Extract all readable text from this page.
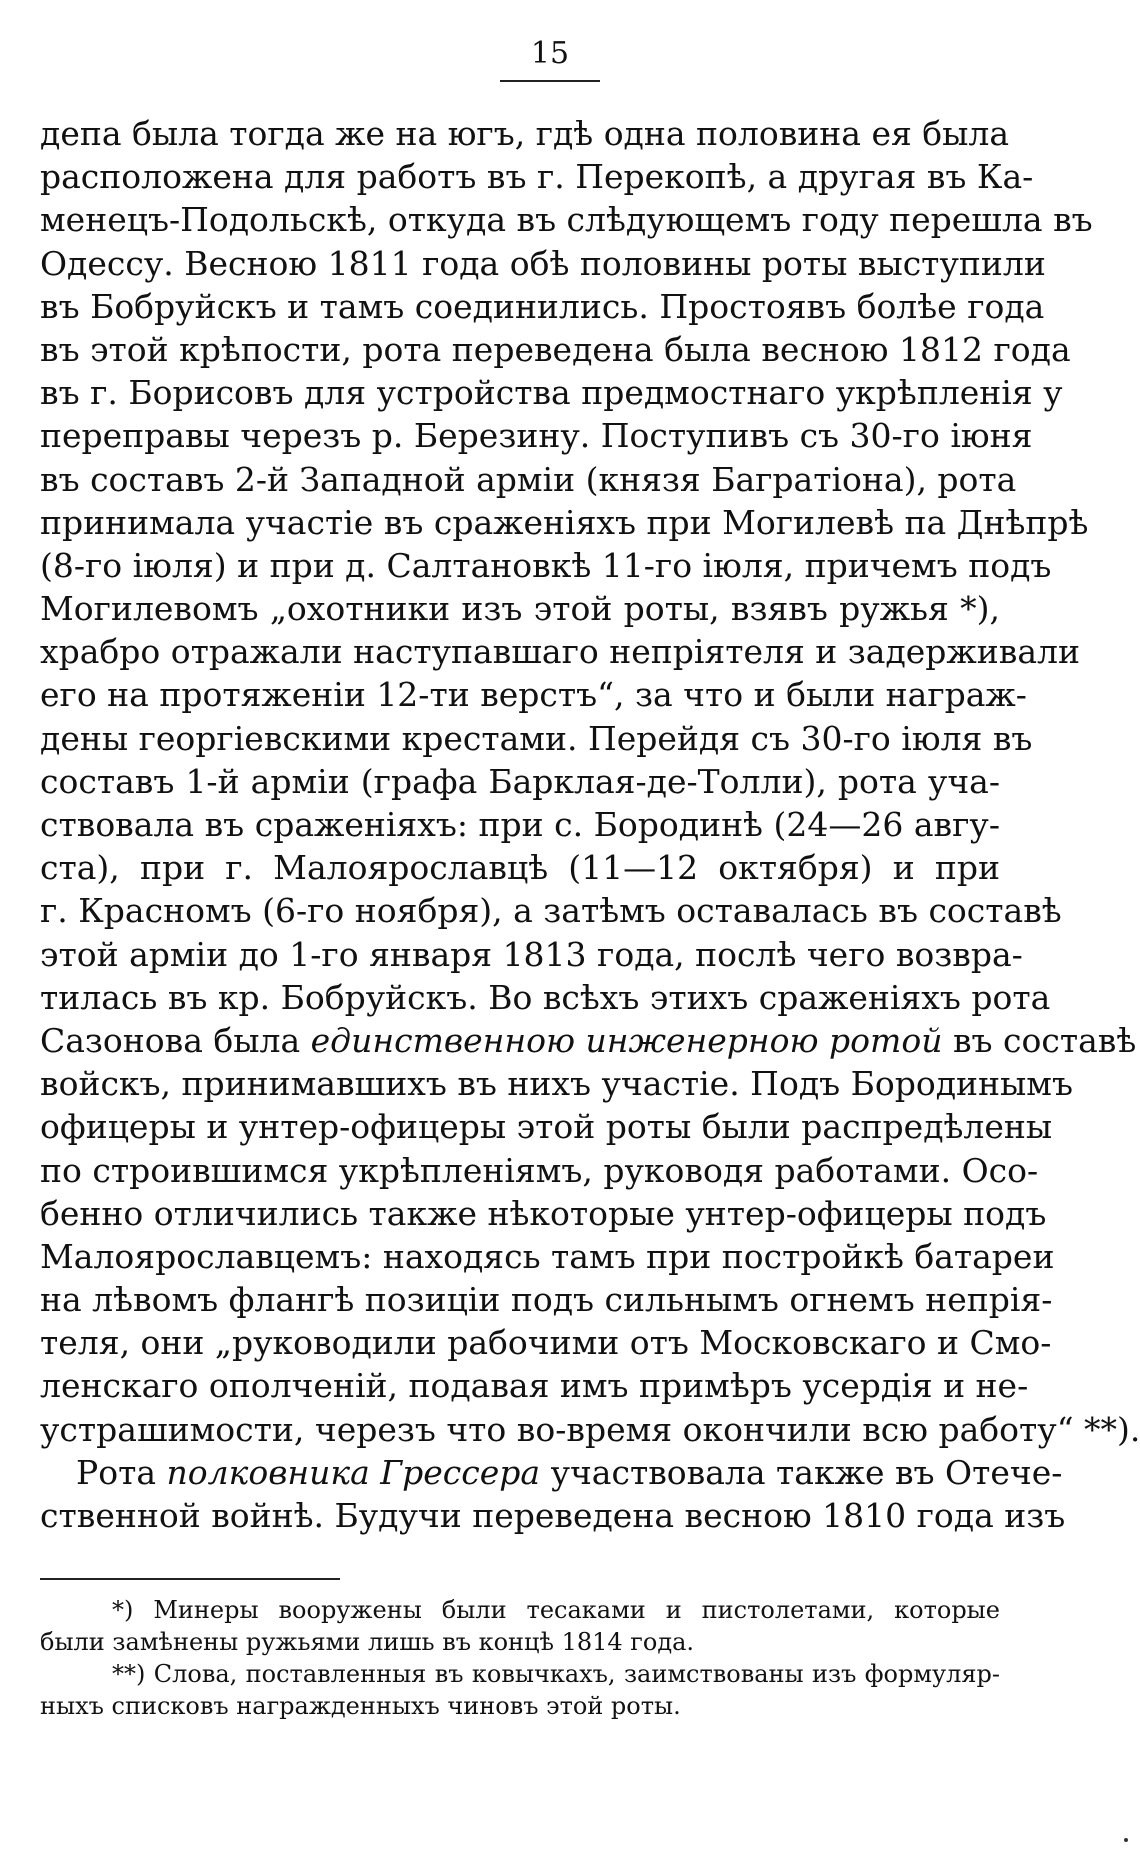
15
депа была тогда же на югъ, гдѣ одна половина ея была
расположена для работъ въ г. Перекопѣ, а другая въ Ка-
менецъ-Подольскѣ, откуда въ слѣдующемъ году перешла въ
Одессу. Весною 1811 года обѣ половины роты выступили
въ Бобруйскъ и тамъ соединились. Простоявъ болѣе года
въ этой крѣпости, рота переведена была весною 1812 года
въ г. Борисовъ для устройства предмостнаго укрѣпленія у
переправы черезъ р. Березину. Поступивъ съ 30-го іюня
въ составъ 2-й Западной арміи (князя Багратіона), рота
принимала участіе въ сраженіяхъ при Могилевѣ па Днѣпрѣ
(8-го іюля) и при д. Салтановкѣ 11-го іюля, причемъ подъ
Могилевомъ „охотники изъ этой роты, взявъ ружья *),
храбро отражали наступавшаго непріятеля и задерживали
его на протяженіи 12-ти верстъ“, за что и были награж-
дены георгіевскими крестами. Перейдя съ 30-го іюля въ
составъ 1-й арміи (графа Барклая-де-Толли), рота уча-
ствовала въ сраженіяхъ: при с. Бородинѣ (24—26 авгу-
ста), при г. Малоярославцѣ (11—12 октября) и при
г. Красномъ (6-го ноября), а затѣмъ оставалась въ составѣ
этой арміи до 1-го января 1813 года, послѣ чего возвра-
тилась въ кр. Бобруйскъ. Во всѣхъ этихъ сраженіяхъ рота
Сазонова была единственною инженерною ротой въ составѣ
войскъ, принимавшихъ въ нихъ участіе. Подъ Бородинымъ
офицеры и унтер-офицеры этой роты были распредѣлены
по строившимся укрѣпленіямъ, руководя работами. Осо-
бенно отличились также нѣкоторые унтер-офицеры подъ
Малоярославцемъ: находясь тамъ при постройкѣ батареи
на лѣвомъ флангѣ позиціи подъ сильнымъ огнемъ непрія-
теля, они „руководили рабочими отъ Московскаго и Смо-
ленскаго ополченій, подавая имъ примѣръ усердія и не-
устрашимости, черезъ что во-время окончили всю работу“ **).
Рота полковника Грессера участвовала также въ Отече-
ственной войнѣ. Будучи переведена весною 1810 года изъ
*) Минеры вооружены были тесаками и пистолетами, которые
были замѣнены ружьями лишь въ концѣ 1814 года.
**) Слова, поставленныя въ ковычкахъ, заимствованы изъ формуляр-
ныхъ списковъ награжденныхъ чиновъ этой роты.
